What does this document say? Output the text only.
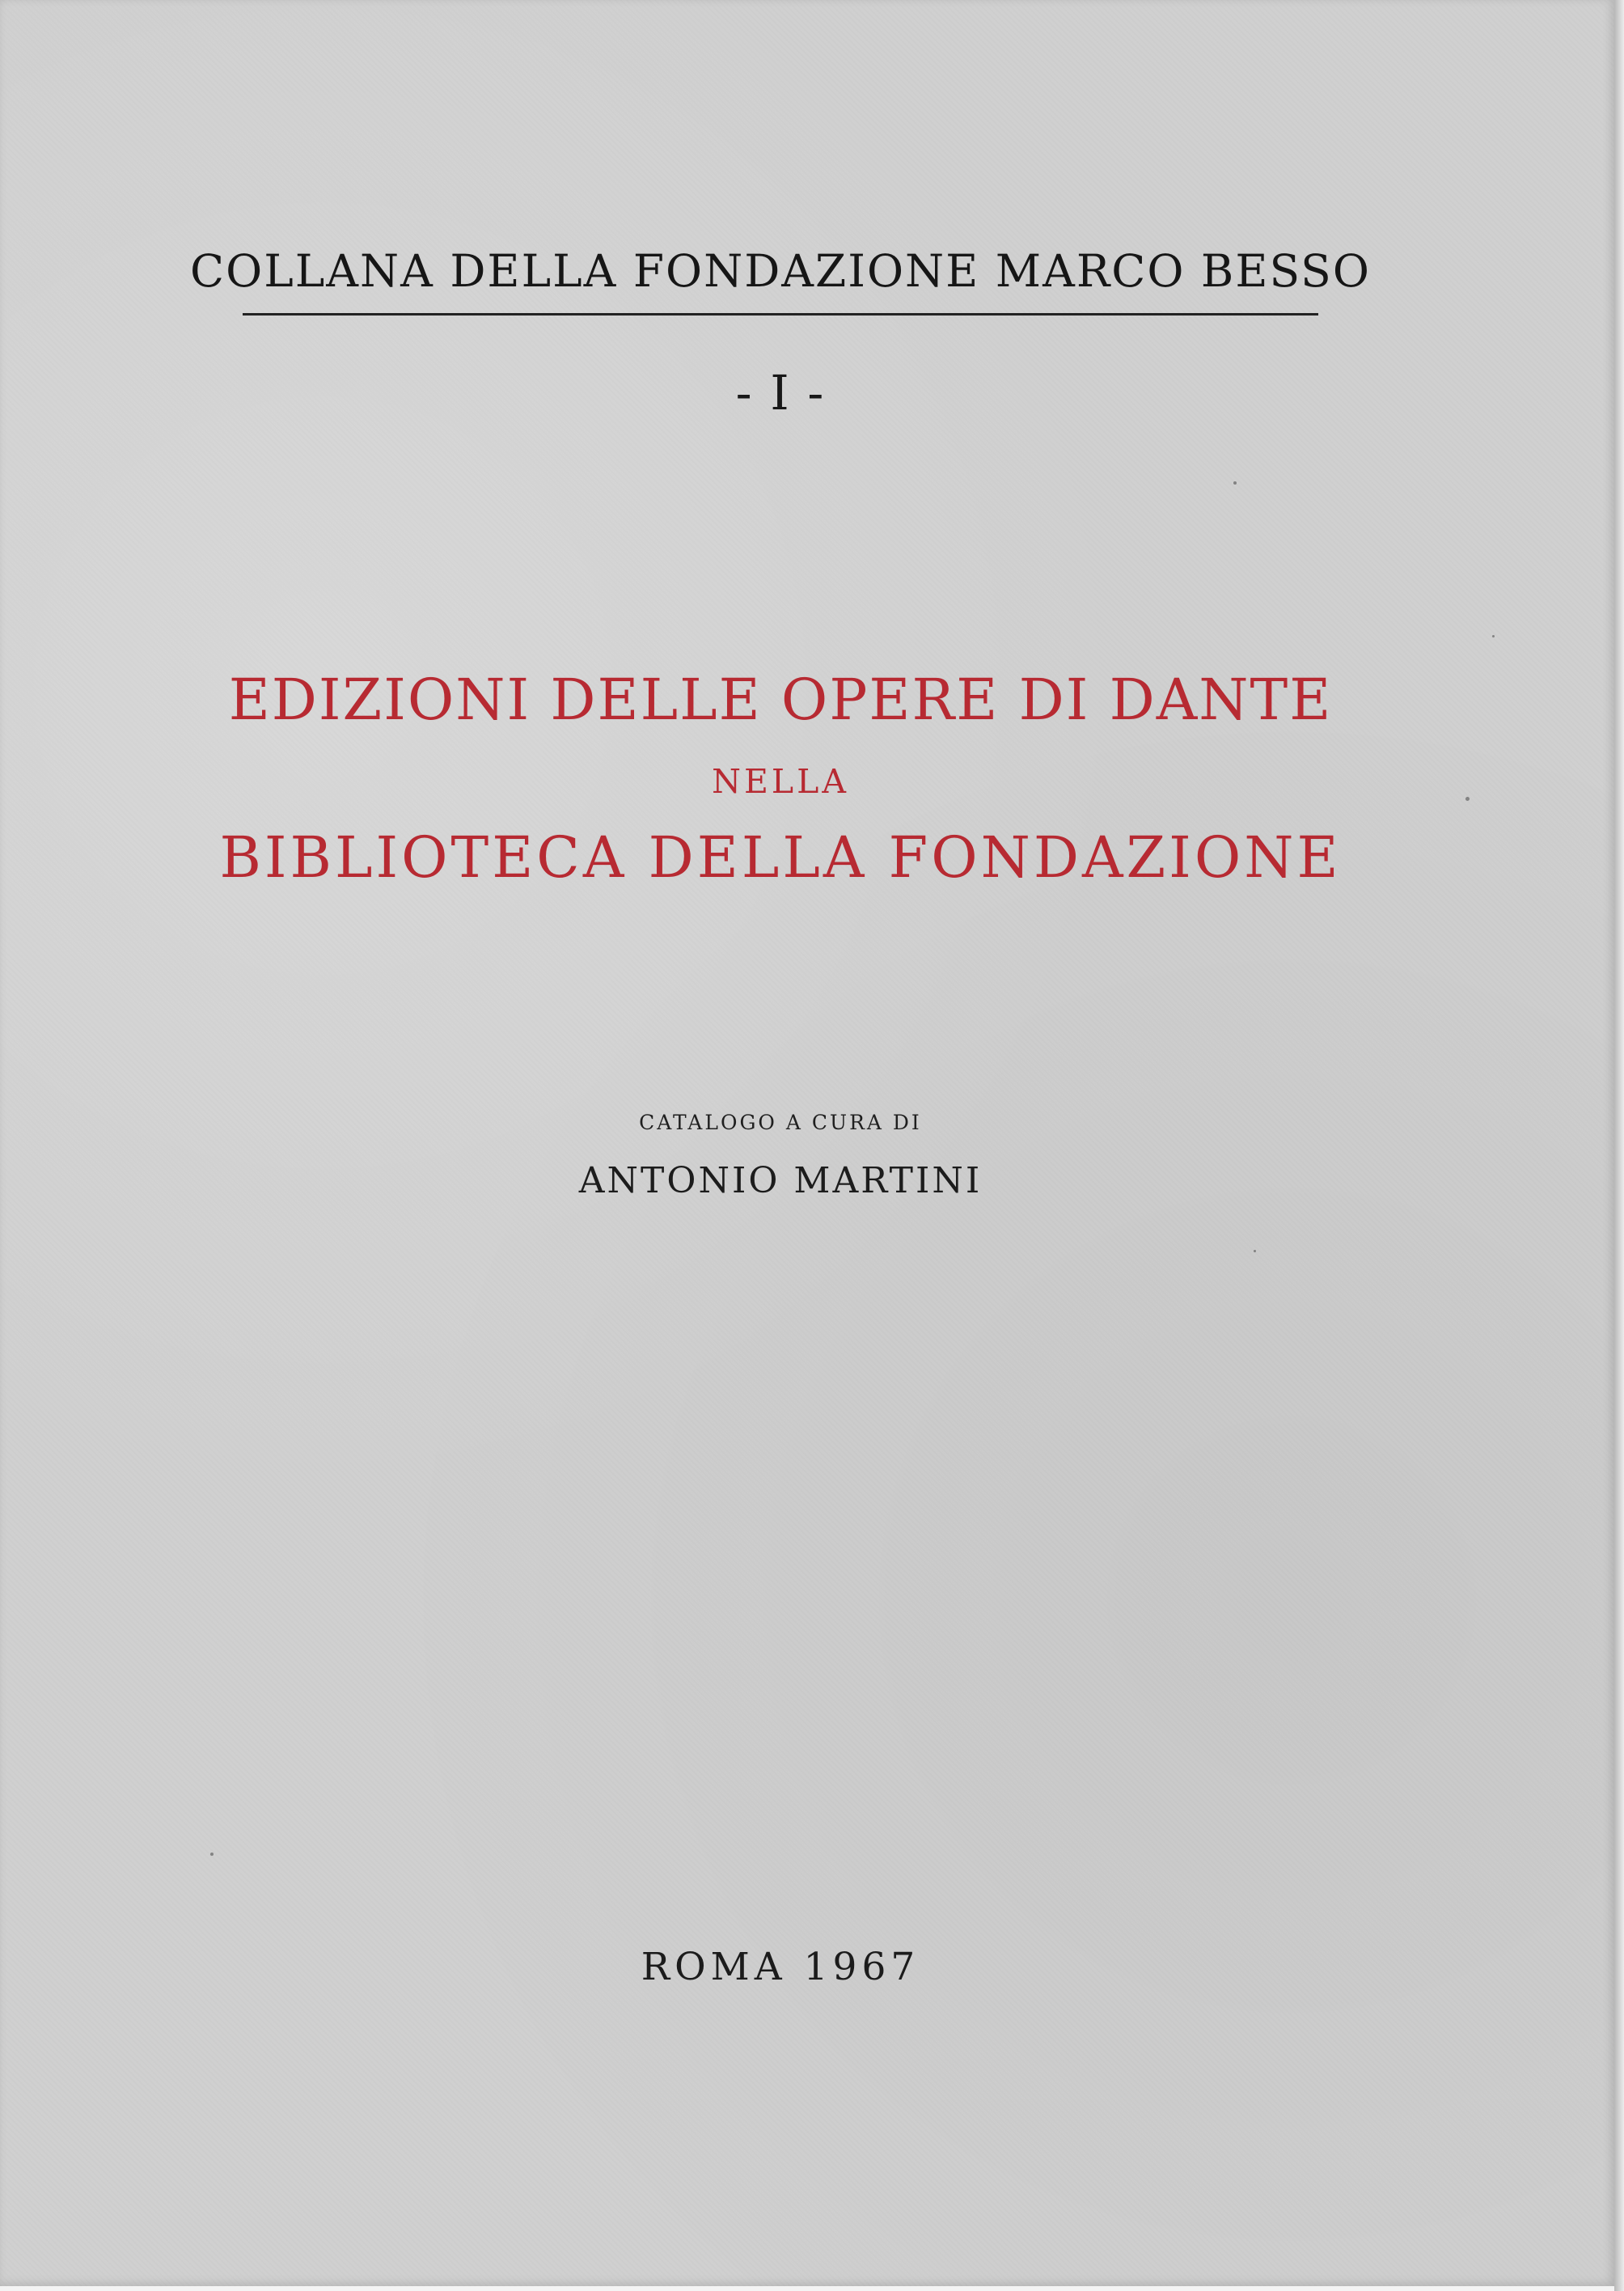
COLLANA DELLA FONDAZIONE MARCO BESSO
- I -
EDIZIONI DELLE OPERE DI DANTE
NELLA
BIBLIOTECA DELLA FONDAZIONE
CATALOGO A CURA DI
ANTONIO MARTINI
ROMA 1967
